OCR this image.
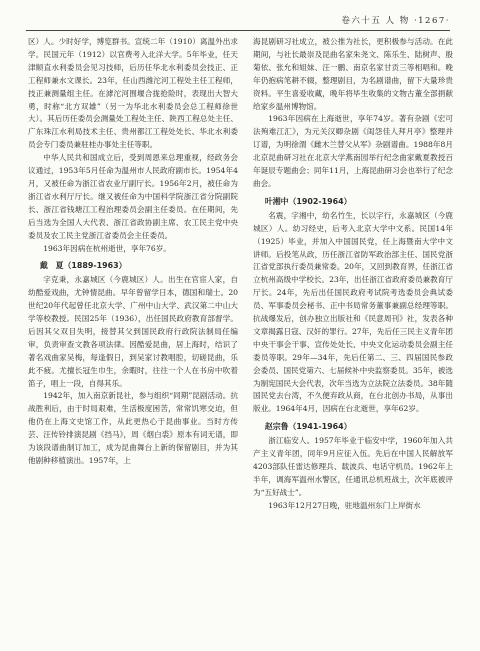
卷六十五 人 物 ·1267·

区）人。少时好学，博览群书。宣统二年（1910）离温外出求学。民国元年（1912）以官费考入北洋大学。5年毕业，任天津顺直水利委员会见习技师，后历任华北水利委员会技正、正工程师兼水文课长。23年，任山西潍沱河工程处主任工程师，技正兼测量组主任。在滹沱河围堰合拢抢险时，表现出大智大勇，时称“北方双雄”（另一为华北水利委员会总工程师徐世大）。其后历任委员会测量处工程处主任、陕西工程总处主任、广东珠江水利局技术主任、贵州都江工程处处长、华北水利委员会专门委员兼驻桂办事处主任等职。

中华人民共和国成立后，受到周恩来总理重视，经政务会议通过，1953年5月任命为温州市人民政府副市长。1954年4月，又被任命为浙江省农业厅副厅长。1956年2月，被任命为浙江省水利厅厅长。继又被任命为中国科学院浙江省分院副院长、浙江省钱塘江工程治理委员会副主任委员。在任期间，先后当选为全国人大代表、浙江省政协副主席、农工民主党中央委员及农工民主党浙江省委员会主任委员。

1963年因病在杭州逝世，享年76岁。

戴　夏（1889-1963）

字克秉，永嘉城区（今鹿城区）人。出生在官宦人家，自幼酷爱戏曲，尤钟情昆曲。早年曾留学日本，德国和瑞士。20世纪20年代起曾任北京大学、广州中山大学、武汉第二中山大学等校教授。民国25年（1936），出任国民政府教育部督学。后因其父双目失明，接替其父到国民政府行政院法制局任编审，负责审查文教各项法律。因酷爱昆曲，居上海时，结识了著名戏曲家吴梅，每逢假日，到吴家讨教唱腔，切磋昆曲，乐此不疲。尤擅长冠生巾生，余暇时，往往一个人在书房中吹着笛子，唱上一段，自得其乐。

1942年，加入南京新昆社，参与组织“同期”昆剧活动。抗战胜利后，由于时局艰难，生活极度困苦，常常饥寒交迫，但他仍在上海文史馆工作，从此更热心于昆曲事业。当时方传芸、汪传铃排演昆剧《挡马》，周《烟白裘》原本有词无谱，即为该段谱曲制订加工，成为昆曲舞台上新的保留剧目，并为其他剧种移植演出。1957年，上

海昆剧研习社成立，被公推为社长，更积极参与活动。在此期间，与社长最崇及昆曲名家朱尧文、陈乐生、陆树声、殷菊依、张允和姐妹、汪一鹏、南京名家甘贡三等相唱和。晚年仍抱病笔耕不辍，整理剧目，为名剧谱曲，留下大量珍贵资料。平生喜爱收藏，晚年将毕生收集的文物古董全部捐献给家乡温州博物馆。

1963年因病在上海逝世，享年74岁。著有杂剧《宏可法殉难江汇》，为元关汉卿杂剧《闺怨佳人拜月亭》整理并订谱，为明徐渭《雌木兰替父从军》杂剧谱曲。1988年8月北京昆曲研习社在北京大学燕南园举行纪念曲家戴夏教授百年诞辰专题曲会；同年11月，上海昆曲研习会也举行了纪念曲会。

叶湘中（1902-1964）

名震，字湘中，幼名竹生，长以字行，永嘉城区（今鹿城区）人。幼习经史，后考入北京大学中文系。民国14年（1925）毕业，并加入中国国民党，任上海暨南大学中文讲师。后投笔从政，历任浙江省防军政治部主任、国民党浙江省党部执行委员兼常委。20年，又回到教育界，任浙江省立杭州高级中学校长。23年，出任浙江省政府委员兼教育厅厅长。24年，先后出任国民政府考试院考选委员会典试委员、军事委员会秘书、正中书局常务董事兼副总经理等职。抗战爆发后，创办独立出版社和《民意周刊》社，发表各种文章揭露日寇、汉奸的罪行。27年，先后任三民主义青年团中央干事会干事、宣传处处长、中央文化运动委员会副主任委员等职。29年—34年，先后任第二、三、四届国民参政会委员、国民党第六、七届候补中央监察委员。35年，被选为制宪国民大会代表，次年当选为立法院立法委员。38年随国民党去台湾，不久便弃政从商，在台北创办书局，从事出版业。1964年4月，因病在台北逝世，享年62岁。

赵宗鲁（1941-1964）

浙江临安人。1957年毕业于临安中学，1960年加入共产主义青年团，同年9月应征入伍。先后在中国人民解放军4203部队任雷达修理兵、载波兵、电话守机员。1962年上半年，调海军温州水警区，任通讯总机班战士，次年底被评为“五好战士”。

1963年12月27日晚，驻地温州东门上岸街水
